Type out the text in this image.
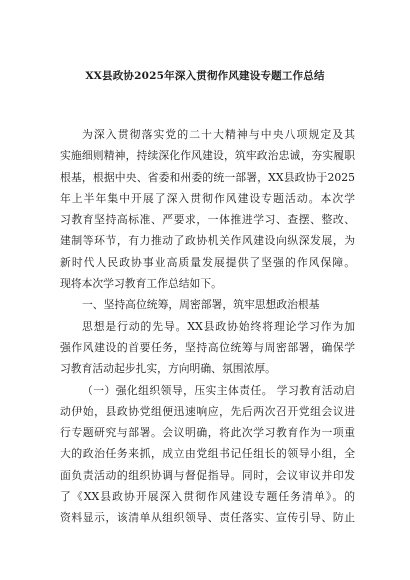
XX县政协2025年深入贯彻作风建设专题工作总结
为深入贯彻落实党的二十大精神与中央八项规定及其
实施细则精神，持续深化作风建设，筑牢政治忠诚，夯实履职
根基，根据中央、省委和州委的统一部署，XX县政协于2025
年上半年集中开展了深入贯彻作风建设专题活动。本次学
习教育坚持高标准、严要求，一体推进学习、查摆、整改、
建制等环节，有力推动了政协机关作风建设向纵深发展，为
新时代人民政协事业高质量发展提供了坚强的作风保障。
现将本次学习教育工作总结如下。
一、坚持高位统筹，周密部署，筑牢思想政治根基
思想是行动的先导。XX县政协始终将理论学习作为加
强作风建设的首要任务，坚持高位统筹与周密部署，确保学
习教育活动起步扎实，方向明确、氛围浓厚。
（一）强化组织领导，压实主体责任。 学习教育活动启
动伊始，县政协党组便迅速响应，先后两次召开党组会议进
行专题研究与部署。会议明确，将此次学习教育作为一项重
大的政治任务来抓，成立由党组书记任组长的领导小组，全
面负责活动的组织协调与督促指导。同时，会议审议并印发
了《XX县政协开展深入贯彻作风建设专题任务清单》。的
资料显示，该清单从组织领导、责任落实、宣传引导、防止
